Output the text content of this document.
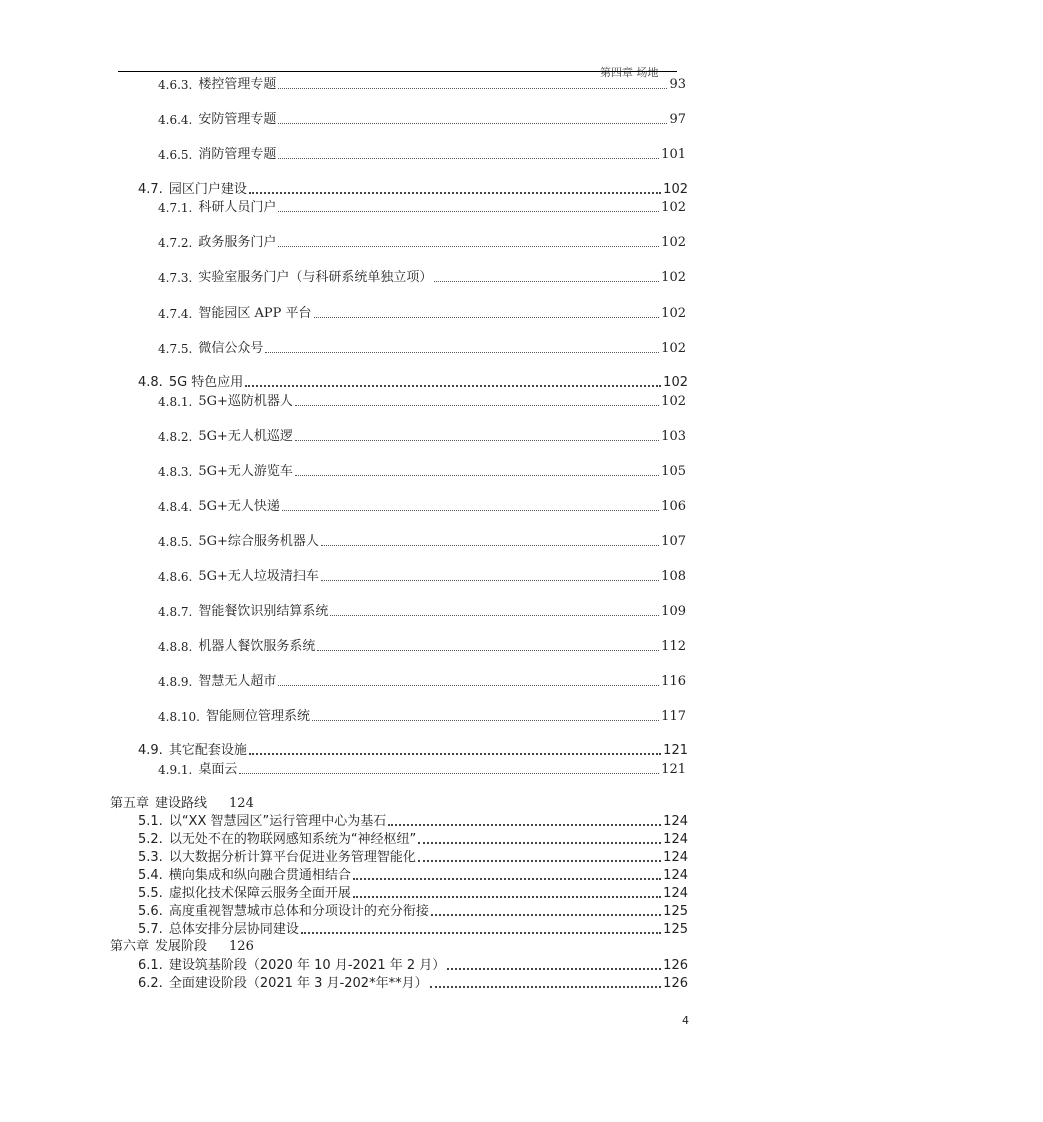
第四章 场地
4.6.3. 楼控管理专题	93
4.6.4. 安防管理专题	97
4.6.5. 消防管理专题	101
4.7. 园区门户建设	102
4.7.1. 科研人员门户	102
4.7.2. 政务服务门户	102
4.7.3. 实验室服务门户（与科研系统单独立项）	102
4.7.4. 智能园区 APP 平台	102
4.7.5. 微信公众号	102
4.8. 5G 特色应用	102
4.8.1. 5G+巡防机器人	102
4.8.2. 5G+无人机巡逻	103
4.8.3. 5G+无人游览车	105
4.8.4. 5G+无人快递	106
4.8.5. 5G+综合服务机器人	107
4.8.6. 5G+无人垃圾清扫车	108
4.8.7. 智能餐饮识别结算系统	109
4.8.8. 机器人餐饮服务系统	112
4.8.9. 智慧无人超市	116
4.8.10. 智能厕位管理系统	117
4.9. 其它配套设施	121
4.9.1. 桌面云	121
第五章 建设路线 124
5.1. 以“XX 智慧园区”运行管理中心为基石	124
5.2. 以无处不在的物联网感知系统为“神经枢纽”	124
5.3. 以大数据分析计算平台促进业务管理智能化	124
5.4. 横向集成和纵向融合贯通相结合	124
5.5. 虚拟化技术保障云服务全面开展	124
5.6. 高度重视智慧城市总体和分项设计的充分衔接	125
5.7. 总体安排分层协同建设	125
第六章 发展阶段 126
6.1. 建设筑基阶段（2020 年 10 月-2021 年 2 月）	126
6.2. 全面建设阶段（2021 年 3 月-202*年**月）	126
4
